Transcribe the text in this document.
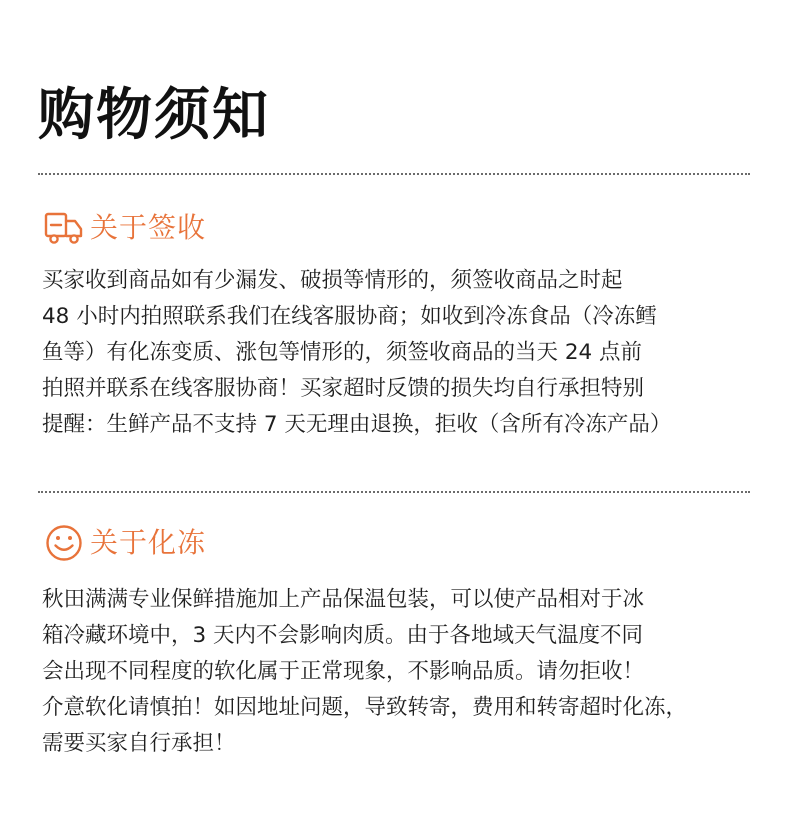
购物须知
关于签收
买家收到商品如有少漏发、破损等情形的，须签收商品之时起
48 小时内拍照联系我们在线客服协商；如收到冷冻食品（冷冻鳕
鱼等）有化冻变质、涨包等情形的，须签收商品的当天 24 点前
拍照并联系在线客服协商！买家超时反馈的损失均自行承担特别
提醒：生鲜产品不支持 7 天无理由退换，拒收（含所有冷冻产品）
关于化冻
秋田满满专业保鲜措施加上产品保温包装，可以使产品相对于冰
箱冷藏环境中，3 天内不会影响肉质。由于各地域天气温度不同
会出现不同程度的软化属于正常现象，不影响品质。请勿拒收！
介意软化请慎拍！如因地址问题，导致转寄，费用和转寄超时化冻，
需要买家自行承担！
